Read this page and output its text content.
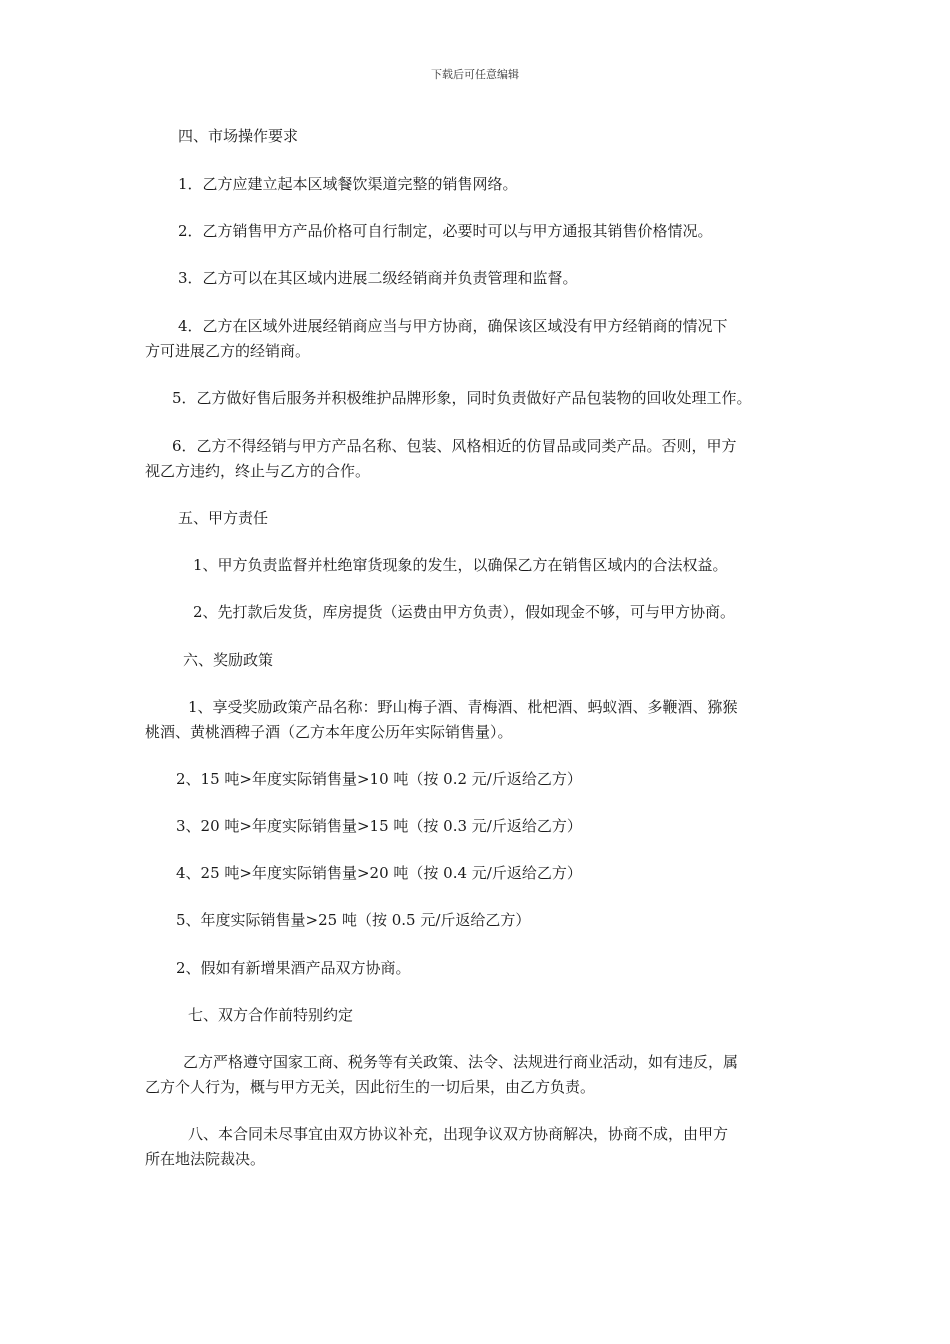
下载后可任意编辑
四、市场操作要求
1．乙方应建立起本区域餐饮渠道完整的销售网络。
2．乙方销售甲方产品价格可自行制定，必要时可以与甲方通报其销售价格情况。
3．乙方可以在其区域内进展二级经销商并负责管理和监督。
4．乙方在区域外进展经销商应当与甲方协商，确保该区域没有甲方经销商的情况下
方可进展乙方的经销商。
5．乙方做好售后服务并积极维护品牌形象，同时负责做好产品包装物的回收处理工作。
6．乙方不得经销与甲方产品名称、包装、风格相近的仿冒品或同类产品。否则，甲方
视乙方违约，终止与乙方的合作。
五、甲方责任
1、甲方负责监督并杜绝窜货现象的发生，以确保乙方在销售区域内的合法权益。
2、先打款后发货，库房提货（运费由甲方负责），假如现金不够，可与甲方协商。
六、奖励政策
1、享受奖励政策产品名称：野山梅子酒、青梅酒、枇杷酒、蚂蚁酒、多鞭酒、猕猴
桃酒、黄桃酒稗子酒（乙方本年度公历年实际销售量）。
2、15 吨>年度实际销售量>10 吨（按 0.2 元/斤返给乙方）
3、20 吨>年度实际销售量>15 吨（按 0.3 元/斤返给乙方）
4、25 吨>年度实际销售量>20 吨（按 0.4 元/斤返给乙方）
5、年度实际销售量>25 吨（按 0.5 元/斤返给乙方）
2、假如有新增果酒产品双方协商。
七、双方合作前特别约定
乙方严格遵守国家工商、税务等有关政策、法令、法规进行商业活动，如有违反，属
乙方个人行为，概与甲方无关，因此衍生的一切后果，由乙方负责。
八、本合同未尽事宜由双方协议补充，出现争议双方协商解决，协商不成，由甲方
所在地法院裁决。
